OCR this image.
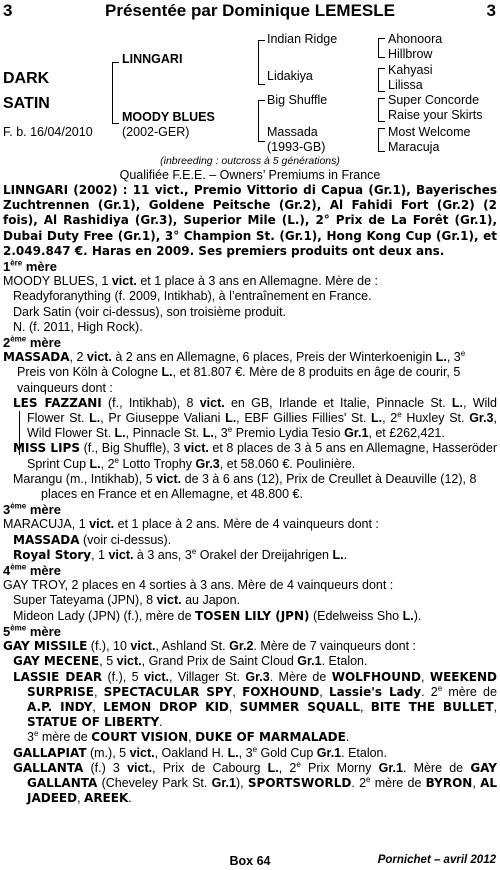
3	Présentée par Dominique LEMESLE	3
DARK
SATIN
F. b. 16/04/2010
LINNGARI
MOODY BLUES
(2002-GER)
Indian Ridge
Lidakiya
Big Shuffle
Massada
(1993-GB)
Ahonoora
Hillbrow
Kahyasi
Lilissa
Super Concorde
Raise your Skirts
Most Welcome
Maracuja
(inbreeding : outcross à 5 générations)
Qualifiée F.E.E. – Owners’ Premiums in France

LINNGARI (2002) : 11 vict., Premio Vittorio di Capua (Gr.1), Bayerisches Zuchtrennen (Gr.1), Goldene Peitsche (Gr.2), Al Fahidi Fort (Gr.2) (2 fois), Al Rashidiya (Gr.3), Superior Mile (L.), 2° Prix de La Forêt (Gr.1), Dubai Duty Free (Gr.1), 3° Champion St. (Gr.1), Hong Kong Cup (Gr.1), et 2.049.847 €. Haras en 2009. Ses premiers produits ont deux ans.

1ère mère

MOODY BLUES, 1 vict. et 1 place à 3 ans en Allemagne. Mère de :

Readyforanything (f. 2009, Intikhab), à l’entraînement en France.

Dark Satin (voir ci-dessus), son troisième produit.

N. (f. 2011, High Rock).

2ème mère

MASSADA, 2 vict. à 2 ans en Allemagne, 6 places, Preis der Winterkoenigin L., 3e Preis von Köln à Cologne L., et 81.807 €. Mère de 8 produits en âge de courir, 5 vainqueurs dont :

LES FAZZANI (f., Intikhab), 8 vict. en GB, Irlande et Italie, Pinnacle St. L., Wild Flower St. L., Pr Giuseppe Valiani L., EBF Gillies Fillies' St. L., 2e Huxley St. Gr.3, Wild Flower St. L., Pinnacle St. L., 3e Premio Lydia Tesio Gr.1, et £262,421.

MISS LIPS (f., Big Shuffle), 3 vict. et 8 places de 3 à 5 ans en Allemagne, Hasseröder Sprint Cup L., 2e Lotto Trophy Gr.3, et 58.060 €. Poulinière.

Marangu (m., Intikhab), 5 vict. de 3 à 6 ans (12), Prix de Creullet à Deauville (12), 8 places en France et en Allemagne, et 48.800 €.

3ème mère

MARACUJA, 1 vict. et 1 place à 2 ans. Mère de 4 vainqueurs dont :

MASSADA (voir ci-dessus).

Royal Story, 1 vict. à 3 ans, 3e Orakel der Dreijahrigen L..

4ème mère

GAY TROY, 2 places en 4 sorties à 3 ans. Mère de 4 vainqueurs dont :

Super Tateyama (JPN), 8 vict. au Japon.

Mideon Lady (JPN) (f.), mère de TOSEN LILY (JPN) (Edelweiss Sho L.).

5ème mère

GAY MISSILE (f.), 10 vict., Ashland St. Gr.2. Mère de 7 vainqueurs dont :

GAY MECENE, 5 vict., Grand Prix de Saint Cloud Gr.1. Etalon.

LASSIE DEAR (f.), 5 vict., Villager St. Gr.3. Mère de WOLFHOUND, WEEKEND SURPRISE, SPECTACULAR SPY, FOXHOUND, Lassie's Lady. 2e mère de A.P. INDY, LEMON DROP KID, SUMMER SQUALL, BITE THE BULLET, STATUE OF LIBERTY.

3e mère de COURT VISION, DUKE OF MARMALADE.

GALLAPIAT (m.), 5 vict., Oakland H. L., 3e Gold Cup Gr.1. Etalon.

GALLANTA (f.) 3 vict., Prix de Cabourg L., 2e Prix Morny Gr.1. Mère de GAY GALLANTA (Cheveley Park St. Gr.1), SPORTSWORLD. 2e mère de BYRON, AL JADEED, AREEK.

Box 64	Pornichet – avril 2012
